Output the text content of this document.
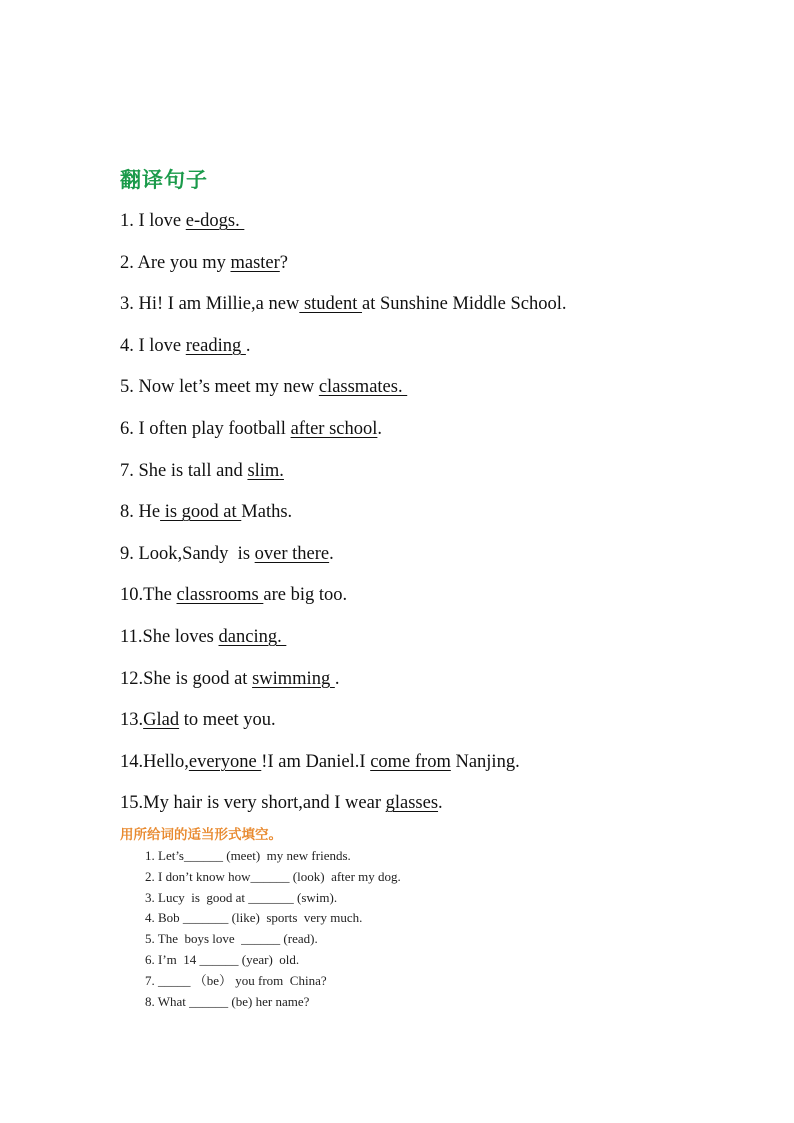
翻译句子
1. I love e-dogs.
2. Are you my master?
3. Hi! I am Millie,a new student at Sunshine Middle School.
4. I love reading .
5. Now let’s meet my new classmates.
6. I often play football after school.
7. She is tall and slim.
8. He is good at Maths.
9. Look,Sandy  is over there.
10.The classrooms are big too.
11.She loves dancing.
12.She is good at swimming .
13.Glad to meet you.
14.Hello,everyone !I am Daniel.I come from Nanjing.
15.My hair is very short,and I wear glasses.
用所给词的适当形式填空。
1. Let’s______ (meet)  my new friends.
2. I don’t know how______ (look)  after my dog.
3. Lucy  is  good at _______ (swim).
4. Bob _______ (like)  sports  very much.
5. The  boys love  ______ (read).
6. I’m  14 ______ (year)  old.
7. _____ （be） you from  China?
8. What ______ (be) her name?
